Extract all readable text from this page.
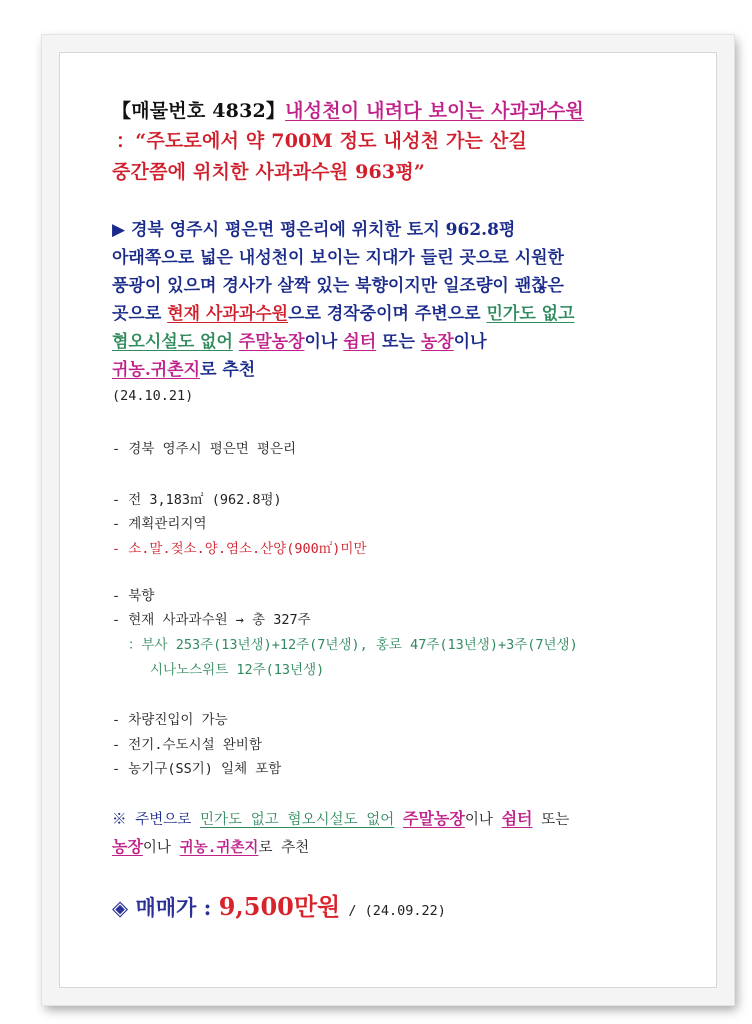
【매물번호 4832】내성천이 내려다 보이는 사과과수원
：“주도로에서 약 700M 정도 내성천 가는 산길
중간쯤에 위치한 사과과수원 963평”
▶ 경북 영주시 평은면 평은리에 위치한 토지 962.8평
아래쪽으로 넓은 내성천이 보이는 지대가 들린 곳으로 시원한
풍광이 있으며 경사가 살짝 있는 북향이지만 일조량이 괜찮은
곳으로 현재 사과과수원으로 경작중이며 주변으로 민가도 없고
혐오시설도 없어 주말농장이나 쉼터 또는 농장이나
귀농.귀촌지로 추천
(24.10.21)
- 경북 영주시 평은면 평은리
- 전 3,183㎡ (962.8평)
- 계획관리지역
- 소.말.젖소.양.염소.산양(900㎡)미만
- 북향
- 현재 사과과수원 → 총 327주
：부사 253주(13년생)+12주(7년생), 홍로 47주(13년생)+3주(7년생)
시나노스위트 12주(13년생)
- 차량진입이 가능
- 전기.수도시설 완비함
- 농기구(SS기) 일체 포함
※ 주변으로 민가도 없고 혐오시설도 없어 주말농장이나 쉼터 또는
농장이나 귀농.귀촌지로 추천
◈ 매매가 : 9,500만원 / (24.09.22)
